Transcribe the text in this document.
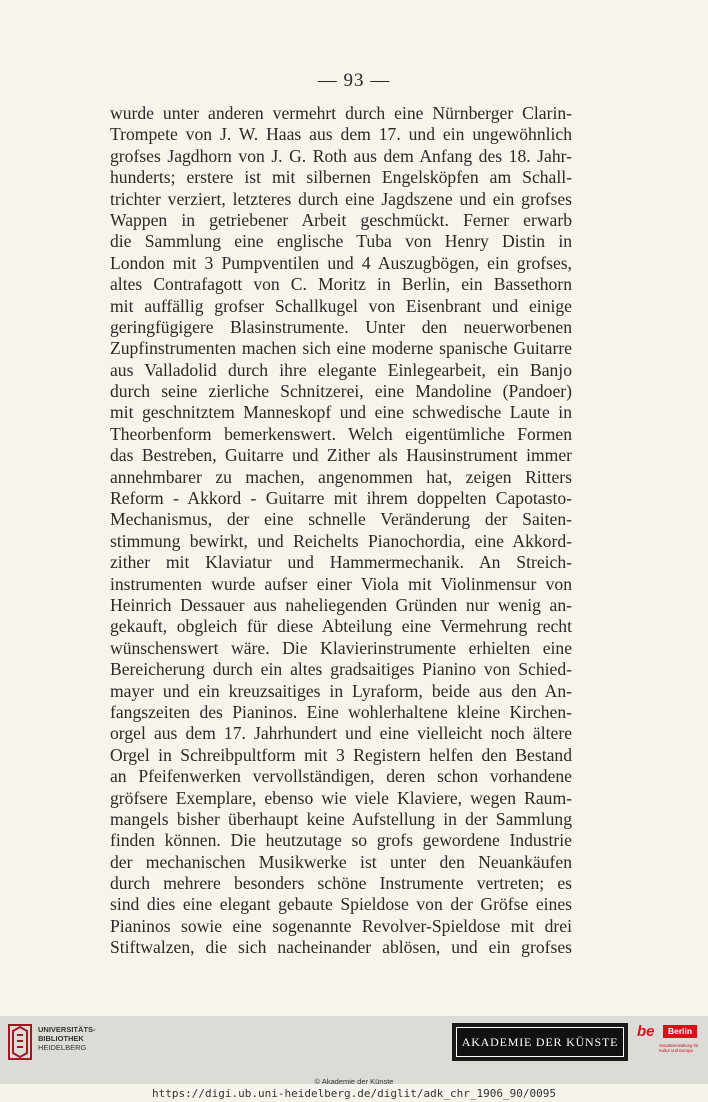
— 93 —
wurde unter anderen vermehrt durch eine Nürnberger Clarin-
Trompete von J. W. Haas aus dem 17. und ein ungewöhnlich
grofses Jagdhorn von J. G. Roth aus dem Anfang des 18. Jahr-
hunderts; erstere ist mit silbernen Engelsköpfen am Schall-
trichter verziert, letzteres durch eine Jagdszene und ein grofses
Wappen in getriebener Arbeit geschmückt. Ferner erwarb
die Sammlung eine englische Tuba von Henry Distin in
London mit 3 Pumpventilen und 4 Auszugbögen, ein grofses,
altes Contrafagott von C. Moritz in Berlin, ein Bassethorn
mit auffällig grofser Schallkugel von Eisenbrant und einige
geringfügigere Blasinstrumente. Unter den neuerworbenen
Zupfinstrumenten machen sich eine moderne spanische Guitarre
aus Valladolid durch ihre elegante Einlegearbeit, ein Banjo
durch seine zierliche Schnitzerei, eine Mandoline (Pandoer)
mit geschnitztem Manneskopf und eine schwedische Laute in
Theorbenform bemerkenswert. Welch eigentümliche Formen
das Bestreben, Guitarre und Zither als Hausinstrument immer
annehmbarer zu machen, angenommen hat, zeigen Ritters
Reform - Akkord - Guitarre mit ihrem doppelten Capotasto-
Mechanismus, der eine schnelle Veränderung der Saiten-
stimmung bewirkt, und Reichelts Pianochordia, eine Akkord-
zither mit Klaviatur und Hammermechanik. An Streich-
instrumenten wurde aufser einer Viola mit Violinmensur von
Heinrich Dessauer aus naheliegenden Gründen nur wenig an-
gekauft, obgleich für diese Abteilung eine Vermehrung recht
wünschenswert wäre. Die Klavierinstrumente erhielten eine
Bereicherung durch ein altes gradsaitiges Pianino von Schied-
mayer und ein kreuzsaitiges in Lyraform, beide aus den An-
fangszeiten des Pianinos. Eine wohlerhaltene kleine Kirchen-
orgel aus dem 17. Jahrhundert und eine vielleicht noch ältere
Orgel in Schreibpultform mit 3 Registern helfen den Bestand
an Pfeifenwerken vervollständigen, deren schon vorhandene
gröfsere Exemplare, ebenso wie viele Klaviere, wegen Raum-
mangels bisher überhaupt keine Aufstellung in der Sammlung
finden können. Die heutzutage so grofs gewordene Industrie
der mechanischen Musikwerke ist unter den Neuankäufen
durch mehrere besonders schöne Instrumente vertreten; es
sind dies eine elegant gebaute Spieldose von der Gröfse eines
Pianinos sowie eine sogenannte Revolver-Spieldose mit drei
Stiftwalzen, die sich nacheinander ablösen, und ein grofses
UNIVERSITÄTS-
BIBLIOTHEK
HEIDELBERG	AKADEMIE DER KÜNSTE
be	Berlin
Senatsverwaltung für Kultur und Europa
© Akademie der Künste
https://digi.ub.uni-heidelberg.de/diglit/adk_chr_1906_90/0095
